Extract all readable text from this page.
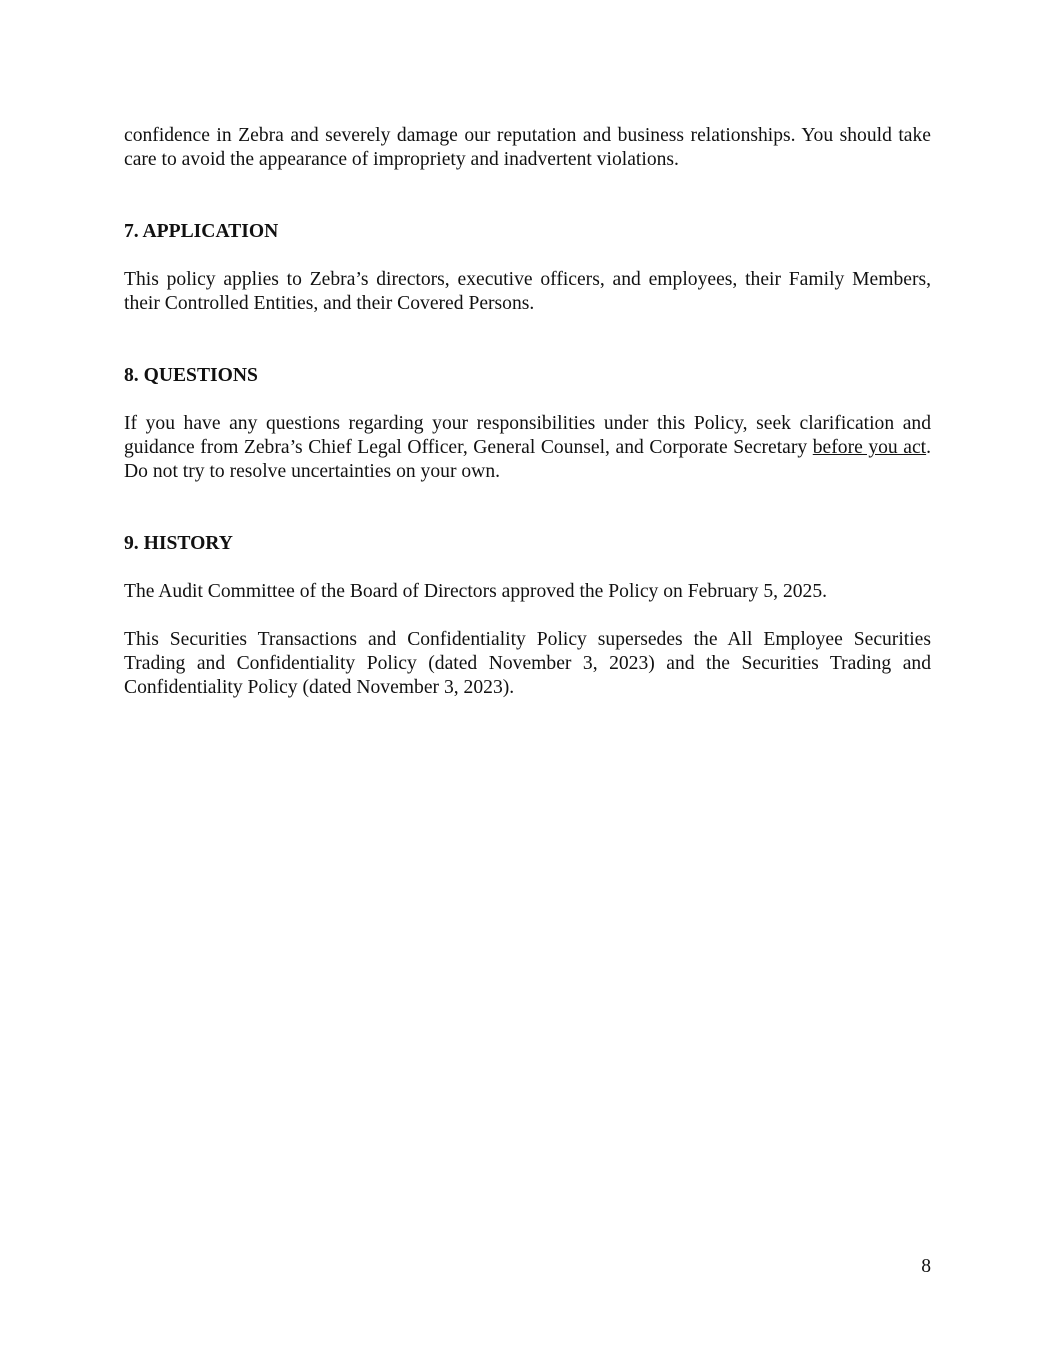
confidence in Zebra and severely damage our reputation and business relationships. You should take care to avoid the appearance of impropriety and inadvertent violations.

7. APPLICATION

This policy applies to Zebra’s directors, executive officers, and employees, their Family Members, their Controlled Entities, and their Covered Persons.

8. QUESTIONS

If you have any questions regarding your responsibilities under this Policy, seek clarification and guidance from Zebra’s Chief Legal Officer, General Counsel, and Corporate Secretary before you act. Do not try to resolve uncertainties on your own.

9. HISTORY

The Audit Committee of the Board of Directors approved the Policy on February 5, 2025.

This Securities Transactions and Confidentiality Policy supersedes the All Employee Securities Trading and Confidentiality Policy (dated November 3, 2023) and the Securities Trading and Confidentiality Policy (dated November 3, 2023).

8
